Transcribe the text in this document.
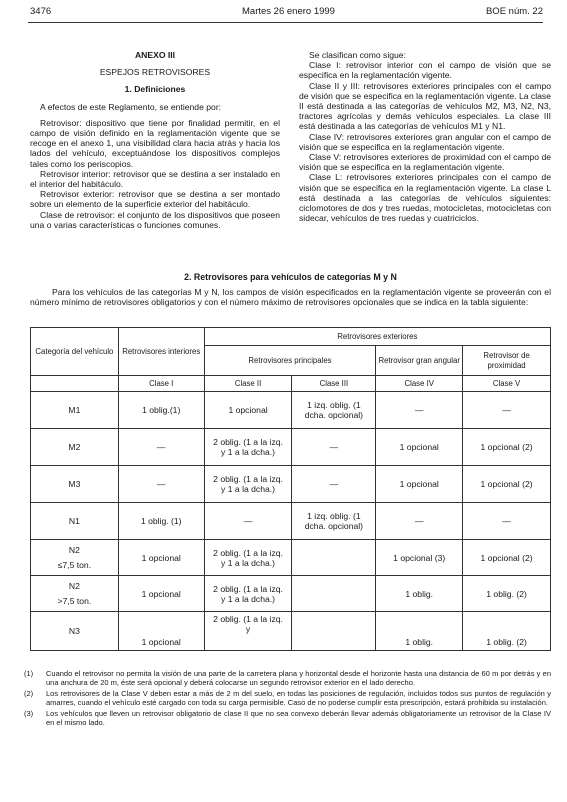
3476	Martes 26 enero 1999	BOE núm. 22

ANEXO III

ESPEJOS RETROVISORES

1. Definiciones

A efectos de este Reglamento, se entiende por:

Retrovisor: dispositivo que tiene por finalidad permitir, en el campo de visión definido en la reglamentación vigente que se recoge en el anexo 1, una visibilidad clara hacia atrás y hacia los lados del vehículo, exceptuándose los dispositivos complejos tales como los periscopios.

Retrovisor interior: retrovisor que se destina a ser instalado en el interior del habitáculo.

Retrovisor exterior: retrovisor que se destina a ser montado sobre un elemento de la superficie exterior del habitáculo.

Clase de retrovisor: el conjunto de los dispositivos que poseen una o varias características o funciones comunes.

Se clasifican como sigue:

Clase I: retrovisor interior con el campo de visión que se especifica en la reglamentación vigente.

Clase II y III: retrovisores exteriores principales con el campo de visión que se especifica en la reglamentación vigente. La clase II está destinada a las categorías de vehículos M2, M3, N2, N3, tractores agrícolas y demás vehículos especiales. La clase III está destinada a las categorías de vehículos M1 y N1.

Clase IV: retrovisores exteriores gran angular con el campo de visión que se especifica en la reglamentación vigente.

Clase V: retrovisores exteriores de proximidad con el campo de visión que se especifica en la reglamentación vigente.

Clase L: retrovisores exteriores principales con el campo de visión que se especifica en la reglamentación vigente. La clase L está destinada a las categorías de vehículos siguientes: ciclomotores de dos y tres ruedas, motocicletas, motocicletas con sidecar, vehículos de tres ruedas y cuatriciclos.

2. Retrovisores para vehículos de categorías M y N

Para los vehículos de las categorías M y N, los campos de visión especificados en la reglamentación vigente se proveerán con el número mínimo de retrovisores obligatorios y con el número máximo de retrovisores opcionales que se indica en la tabla siguiente:

Categoría del vehículo	Retrovisores interiores	Retrovisores exteriores			
		Retrovisores principales		Retrovisor gran angular	Retrovisor de proximidad
	Clase I	Clase II	Clase III	Clase IV	Clase V

M1	1 oblig.(1)	1 opcional	1 izq. oblig. (1 dcha. opcional)	—	—

M2	—	2 oblig. (1 a la izq. y 1 a la dcha.)	—	1 opcional	1 opcional (2)

M3	—	2 oblig. (1 a la izq. y 1 a la dcha.)	—	1 opcional	1 opcional (2)

N1	1 oblig. (1)	—	1 izq. oblig. (1 dcha. opcional)	—	—

N2
≤7,5 ton.	1 opcional	2 oblig. (1 a la izq. y 1 a la dcha.)		1 opcional (3)	1 opcional (2)

N2
>7,5 ton.	1 opcional	2 oblig. (1 a la izq. y 1 a la dcha.)		1 oblig.	1 oblig. (2)

N3	1 opcional	2 oblig. (1 a la izq. y		1 oblig.	1 oblig. (2)
(1) Cuando el retrovisor no permita la visión de una parte de la carretera plana y horizontal desde el horizonte hasta una distancia de 60 m por detrás y en una anchura de 20 m, éste será opcional y deberá colocarse un segundo retrovisor exterior en el lado derecho.
(2) Los retrovisores de la Clase V deben estar a más de 2 m del suelo, en todas las posiciones de regulación, incluidos todos sus puntos de regulación y amarres, cuando el vehículo esté cargado con toda su carga permisible. Caso de no poderse cumplir esta prescripción, estará prohibida su instalación.
(3) Los vehículos que lleven un retrovisor obligatorio de clase II que no sea convexo deberán llevar además obligatoriamente un retrovisor de la Clase IV en el mismo lado.
